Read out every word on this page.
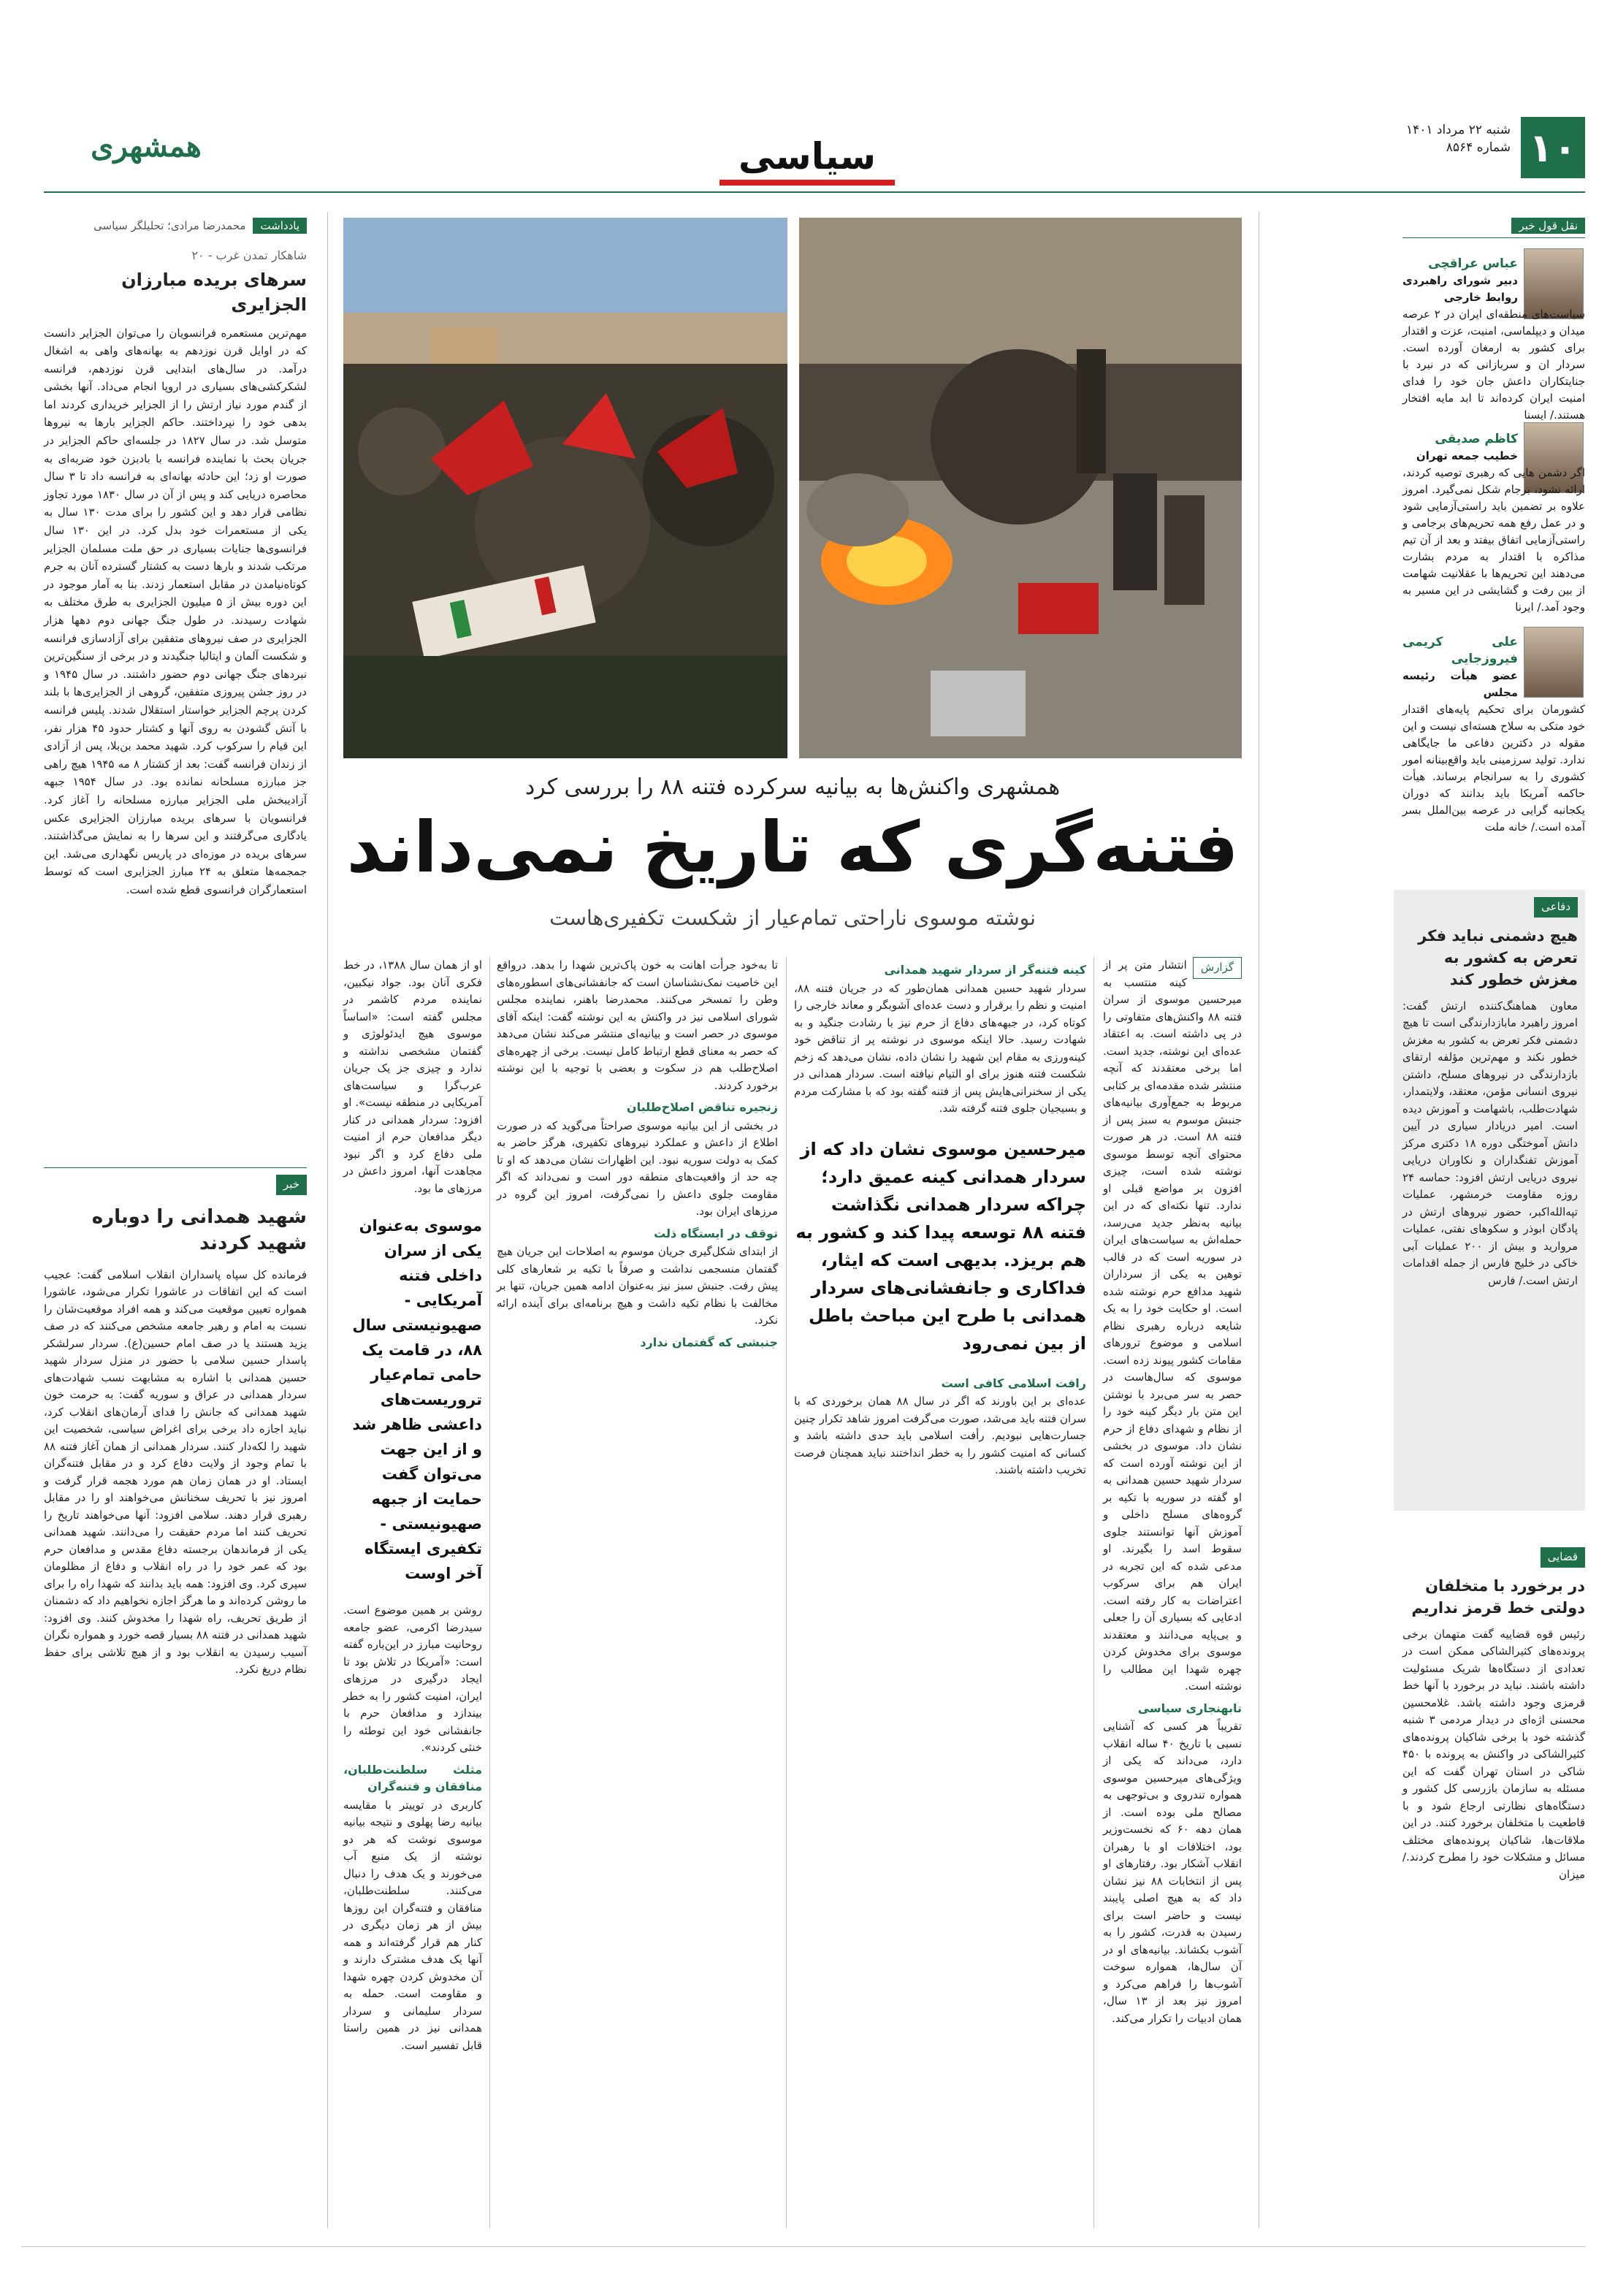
۱۰
شنبه ۲۲ مرداد ۱۴۰۱
شماره ۸۵۶۴
سیاسی
همشهری
نقل قول خبر
عباس عراقچی
دبیر شورای راهبردی روابط خارجی
سیاست‌های منطقه‌ای ایران در ۲ عرصه میدان و دیپلماسی، امنیت، عزت و اقتدار برای کشور به ارمغان آورده است. سردار ان و سربازانی که در نبرد با جنایتکاران داعش جان خود را فدای امنیت ایران کرده‌اند تا ابد مایه افتخار هستند./ ایسنا
کاظم صدیقی
خطیب جمعه تهران
اگر دشمن هایی که رهبری توصیه کردند، ارائه نشود، برجام شکل نمی‌گیرد. امروز علاوه بر تضمین باید راستی‌آزمایی شود و در عمل رفع همه تحریم‌های برجامی و راستی‌آزمایی اتفاق بیفتد و بعد از آن تیم مذاکره با اقتدار به مردم بشارت می‌دهند این تحریم‌ها با عقلانیت شهامت از بین رفت و گشایشی در این مسیر به وجود آمد./ ایرنا
علی کریمی فیروزجایی
عضو هیأت رئیسه مجلس
کشورمان برای تحکیم پایه‌های اقتدار خود متکی به سلاح هسته‌ای نیست و این مقوله در دکترین دفاعی ما جایگاهی ندارد. تولید سرزمینی باید واقع‌بینانه امور کشوری را به سرانجام برساند. هیأت حاکمه آمریکا باید بدانند که دوران یکجانبه گرایی در عرصه بین‌الملل بسر آمده است./ خانه ملت
دفاعی
هیچ دشمنی نباید فکر تعرض به کشور به مغزش خطور کند
معاون هماهنگ‌کننده ارتش گفت: امروز راهبرد مابازدارندگی است تا هیچ دشمنی فکر تعرض به کشور به مغزش خطور نکند و مهم‌ترین مؤلفه ارتقای بازدارندگی در نیروهای مسلح، داشتن نیروی انسانی مؤمن، معتقد، ولایتمدار، شهادت‌طلب، باشهامت و آموزش دیده است. امیر دریادار سیاری در آیین دانش آموختگی دوره ۱۸ دکتری مرکز آموزش تفنگداران و نکاوران دریایی نیروی دریایی ارتش افزود: حماسه ۲۴ روزه مقاومت خرمشهر، عملیات تپه‌الله‌اکبر، حضور نیروهای ارتش در پادگان ابوذر و سکوهای نفتی، عملیات مروارید و بیش از ۲۰۰ عملیات آبی خاکی در خلیج فارس از جمله اقدامات ارتش است./ فارس
قضایی
در برخورد با متخلفان دولتی خط قرمز نداریم
رئیس قوه قضاییه گفت متهمان برخی پرونده‌های کثیرالشاکی ممکن است در تعدادی از دستگاه‌ها شریک مسئولیت داشته باشند. نباید در برخورد با آنها خط قرمزی وجود داشته باشد. غلامحسین محسنی اژه‌ای در دیدار مردمی ۳ شنبه گذشته خود با برخی شاکیان پرونده‌های کثیرالشاکی در واکنش به پرونده با ۴۵۰ شاکی در استان تهران گفت که این مسئله به سازمان بازرسی کل کشور و دستگاه‌های نظارتی ارجاع شود و با قاطعیت با متخلفان برخورد کنند. در این ملاقات‌ها، شاکیان پرونده‌های مختلف مسائل و مشکلات خود را مطرح کردند./ میزان
یادداشت
محمدرضا مرادی؛ تحلیلگر سیاسی
شاهکار تمدن غرب - ۲۰
سرهای بریده مبارزان الجزایری
مهم‌ترین مستعمره فرانسویان را می‌توان الجزایر دانست که در اوایل قرن نوزدهم به بهانه‌های واهی به اشغال درآمد. در سال‌های ابتدایی قرن نوزدهم، فرانسه لشکرکشی‌های بسیاری در اروپا انجام می‌داد. آنها بخشی از گندم مورد نیاز ارتش را از الجزایر خریداری کردند اما بدهی خود را نپرداختند. حاکم الجزایر بارها به نیرو‌ها متوسل شد. در سال ۱۸۲۷ در جلسه‌ای حاکم الجزایر در جریان بحث با نماینده فرانسه با بادبزن خود ضربه‌ای به صورت او زد؛ این حادثه بهانه‌ای به فرانسه داد تا ۳ سال محاصره دریایی کند و پس از آن در سال ۱۸۳۰ مورد تجاوز نظامی قرار دهد و این کشور را برای مدت ۱۳۰ سال به یکی از مستعمرات خود بدل کرد. در این ۱۳۰ سال فرانسوی‌ها جنایات بسیاری در حق ملت مسلمان الجزایر مرتکب شدند و بارها دست به کشتار گسترده آنان به جرم کوتاه‌نیامدن در مقابل استعمار زدند. بنا به آمار موجود در این دوره بیش از ۵ میلیون الجزایری به طرق مختلف به شهادت رسیدند. در طول جنگ جهانی دوم دهها هزار الجزایری در صف نیروهای متفقین برای آزادسازی فرانسه و شکست آلمان و ایتالیا جنگیدند و در برخی از سنگین‌ترین نبردهای جنگ جهانی دوم حضور داشتند. در سال ۱۹۴۵ و در روز جشن پیروزی متفقین، گروهی از الجزایری‌ها با بلند کردن پرچم الجزایر خواستار استقلال شدند. پلیس فرانسه با آتش گشودن به روی آنها و کشتار حدود ۴۵ هزار نفر، این قیام را سرکوب کرد. شهید محمد بن‌بلا، پس از آزادی از زندان فرانسه گفت: بعد از کشتار ۸ مه ۱۹۴۵ هیچ راهی جز مبارزه مسلحانه نمانده بود. در سال ۱۹۵۴ جبهه آزادیبخش ملی الجزایر مبارزه مسلحانه را آغاز کرد. فرانسویان با سرهای بریده مبارزان الجزایری عکس یادگاری می‌گرفتند و این سرها را به نمایش می‌گذاشتند. سرهای بریده در موزه‌ای در پاریس نگهداری می‌شد. این جمجمه‌ها متعلق به ۲۴ مبارز الجزایری است که توسط استعمارگران فرانسوی قطع شده است.
خبر
شهید همدانی را دوباره شهید کردند
فرمانده کل سپاه پاسداران انقلاب اسلامی گفت: عجیب است که این اتفاقات در عاشورا تکرار می‌شود، عاشورا همواره تعیین موقعیت می‌کند و همه افراد موقعیت‌شان را نسبت به امام و رهبر جامعه مشخص می‌کنند که در صف یزید هستند یا در صف امام حسین(ع). سردار سرلشکر پاسدار حسین سلامی با حضور در منزل سردار شهید حسین همدانی با اشاره به مشابهت نسب شهادت‌های سردار همدانی در عراق و سوریه گفت: به حرمت خون شهید همدانی که جانش را فدای آرمان‌های انقلاب کرد، نباید اجازه داد برخی برای اغراض سیاسی، شخصیت این شهید را لکه‌دار کنند. سردار همدانی از همان آغاز فتنه ۸۸ با تمام وجود از ولایت دفاع کرد و در مقابل فتنه‌گران ایستاد. او در همان زمان هم مورد هجمه قرار گرفت و امروز نیز با تحریف سخنانش می‌خواهند او را در مقابل رهبری قرار دهند. سلامی افزود: آنها می‌خواهند تاریخ را تحریف کنند اما مردم حقیقت را می‌دانند. شهید همدانی یکی از فرماندهان برجسته دفاع مقدس و مدافعان حرم بود که عمر خود را در راه انقلاب و دفاع از مظلومان سپری کرد. وی افزود: همه باید بدانند که شهدا راه را برای ما روشن کرده‌اند و ما هرگز اجازه نخواهیم داد که دشمنان از طریق تحریف، راه شهدا را مخدوش کنند. وی افزود: شهید همدانی در فتنه ۸۸ بسیار قصه خورد و همواره نگران آسیب رسیدن به انقلاب بود و از هیچ تلاشی برای حفظ نظام دریغ نکرد.
همشهری واکنش‌ها به بیانیه سرکرده فتنه ۸۸ را بررسی کرد
فتنه‌گری که تاریخ نمی‌داند
نوشته موسوی ناراحتی تمام‌عیار از شکست تکفیری‌هاست
گزارش
انتشار متن پر از کینه منتسب به میرحسین موسوی از سران فتنه ۸۸ واکنش‌های متفاوتی را در پی داشته است. به اعتقاد عده‌ای این نوشته، جدید است. اما برخی معتقدند که آنچه منتشر شده مقدمه‌ای بر کتابی مربوط به جمع‌آوری بیانیه‌های جنبش موسوم به سبز پس از فتنه ۸۸ است. در هر صورت محتوای آنچه توسط موسوی نوشته شده است، چیزی افزون بر مواضع قبلی او ندارد. تنها نکته‌ای که در این بیانیه به‌نظر جدید می‌رسد، حمله‌اش به سیاست‌های ایران در سوریه است که در قالب توهین به یکی از سرداران شهید مدافع حرم نوشته شده است. او حکایت خود را به یک شایعه درباره رهبری نظام اسلامی و موضوع ترورهای مقامات کشور پیوند زده است. موسوی که سال‌هاست در حصر به سر می‌برد با نوشتن این متن بار دیگر کینه خود را از نظام و شهدای دفاع از حرم نشان داد. موسوی در بخشی از این نوشته آورده است که سردار شهید حسین همدانی به او گفته در سوریه با تکیه بر گروه‌های مسلح داخلی و آموزش آنها توانستند جلوی سقوط اسد را بگیرند. او مدعی شده که این تجربه در ایران هم برای سرکوب اعتراضات به کار رفته است. ادعایی که بسیاری آن را جعلی و بی‌پایه می‌دانند و معتقدند موسوی برای مخدوش کردن چهره شهدا این مطالب را نوشته است.
تابهنجاری سیاسی
تقریباً هر کسی که آشنایی نسبی با تاریخ ۴۰ ساله انقلاب دارد، می‌داند که یکی از ویژگی‌های میرحسین موسوی همواره تندروی و بی‌توجهی به مصالح ملی بوده است. از همان دهه ۶۰ که نخست‌وزیر بود، اختلافات او با رهبران انقلاب آشکار بود. رفتارهای او پس از انتخابات ۸۸ نیز نشان داد که به هیچ اصلی پایبند نیست و حاضر است برای رسیدن به قدرت، کشور را به آشوب بکشاند. بیانیه‌های او در آن سال‌ها، همواره سوخت آشوب‌ها را فراهم می‌کرد و امروز نیز بعد از ۱۳ سال، همان ادبیات را تکرار می‌کند.
کینه فتنه‌گر از سردار شهید همدانی
سردار شهید حسین همدانی همان‌طور که در جریان فتنه ۸۸، امنیت و نظم را برقرار و دست عده‌ای آشوبگر و معاند خارجی را کوتاه کرد، در جبهه‌های دفاع از حرم نیز با رشادت جنگید و به شهادت رسید. حالا اینکه موسوی در نوشته پر از تناقض خود کینه‌ورزی به مقام این شهید را نشان داده، نشان می‌دهد که زخم شکست فتنه هنوز برای او التیام نیافته است. سردار همدانی در یکی از سخنرانی‌هایش پس از فتنه گفته بود که با مشارکت مردم و بسیجیان جلوی فتنه گرفته شد.
میرحسین موسوی نشان داد که از سردار همدانی کینه عمیق دارد؛ چراکه سردار همدانی نگذاشت فتنه ۸۸ توسعه پیدا کند و کشور به هم بریزد. بدیهی است که ایثار، فداکاری و جانفشانی‌های سردار همدانی با طرح این مباحث باطل از بین نمی‌رود
رافت اسلامی کافی است
عده‌ای بر این باورند که اگر در سال ۸۸ همان برخوردی که با سران فتنه باید می‌شد، صورت می‌گرفت امروز شاهد تکرار چنین جسارت‌هایی نبودیم. رأفت اسلامی باید حدی داشته باشد و کسانی که امنیت کشور را به خطر انداختند نباید همچنان فرصت تخریب داشته باشند.
تا به‌خود جرأت اهانت به خون پاک‌ترین شهدا را بدهد. درواقع این خاصیت نمک‌نشناسان است که جانفشانی‌های اسطوره‌های وطن را تمسخر می‌کنند. محمدرضا باهنر، نماینده مجلس شورای اسلامی نیز در واکنش به این نوشته گفت: اینکه آقای موسوی در حصر است و بیانیه‌ای منتشر می‌کند نشان می‌دهد که حصر به معنای قطع ارتباط کامل نیست. برخی از چهره‌های اصلاح‌طلب هم در سکوت و بعضی با توجیه با این نوشته برخورد کردند.
زنجیره تناقض اصلاح‌طلبان
در بخشی از این بیانیه موسوی صراحتاً می‌گوید که در صورت اطلاع از داعش و عملکرد نیروهای تکفیری، هرگز حاضر به کمک به دولت سوریه نبود. این اظهارات نشان می‌دهد که او تا چه حد از واقعیت‌های منطقه دور است و نمی‌داند که اگر مقاومت جلوی داعش را نمی‌گرفت، امروز این گروه در مرزهای ایران بود.
توقف در ایستگاه ذلت
از ابتدای شکل‌گیری جریان موسوم به اصلاحات این جریان هیچ گفتمان منسجمی نداشت و صرفاً با تکیه بر شعارهای کلی پیش رفت. جنبش سبز نیز به‌عنوان ادامه همین جریان، تنها بر مخالفت با نظام تکیه داشت و هیچ برنامه‌ای برای آینده ارائه نکرد.
جنبشی که گفتمان ندارد
او از همان سال ۱۳۸۸، در خط فکری آنان بود. جواد نیکبین، نماینده مردم کاشمر در مجلس گفته است: «اساساً موسوی هیچ ایدئولوژی و گفتمان مشخصی نداشته و ندارد و چیزی جز یک جریان عرب‌گرا و سیاست‌های آمریکایی در منطقه نیست». او افزود: سردار همدانی در کنار دیگر مدافعان حرم از امنیت ملی دفاع کرد و اگر نبود مجاهدت آنها، امروز داعش در مرزهای ما بود.
موسوی به‌عنوان یکی از سران داخلی فتنه آمریکایی - صهیونیستی سال ۸۸، در قامت یک حامی تمام‌عیار تروریست‌های داعشی ظاهر شد و از این جهت می‌توان گفت حمایت از جبهه صهیونیستی - تکفیری ایستگاه آخر اوست
روشن بر همین موضوع است. سیدرضا اکرمی، عضو جامعه روحانیت مبارز در این‌باره گفته است: «آمریکا در تلاش بود تا ایجاد درگیری در مرزهای ایران، امنیت کشور را به خطر بیندازد و مدافعان حرم با جانفشانی خود این توطئه را خنثی کردند».
مثلث سلطنت‌طلبان، منافقان و فتنه‌گران
کاربری در توییتر با مقایسه بیانیه رضا پهلوی و نتیجه بیانیه موسوی نوشت که هر دو نوشته از یک منبع آب می‌خورند و یک هدف را دنبال می‌کنند. سلطنت‌طلبان، منافقان و فتنه‌گران این روزها بیش از هر زمان دیگری در کنار هم قرار گرفته‌اند و همه آنها یک هدف مشترک دارند و آن مخدوش کردن چهره شهدا و مقاومت است. حمله به سردار سلیمانی و سردار همدانی نیز در همین راستا قابل تفسیر است.
